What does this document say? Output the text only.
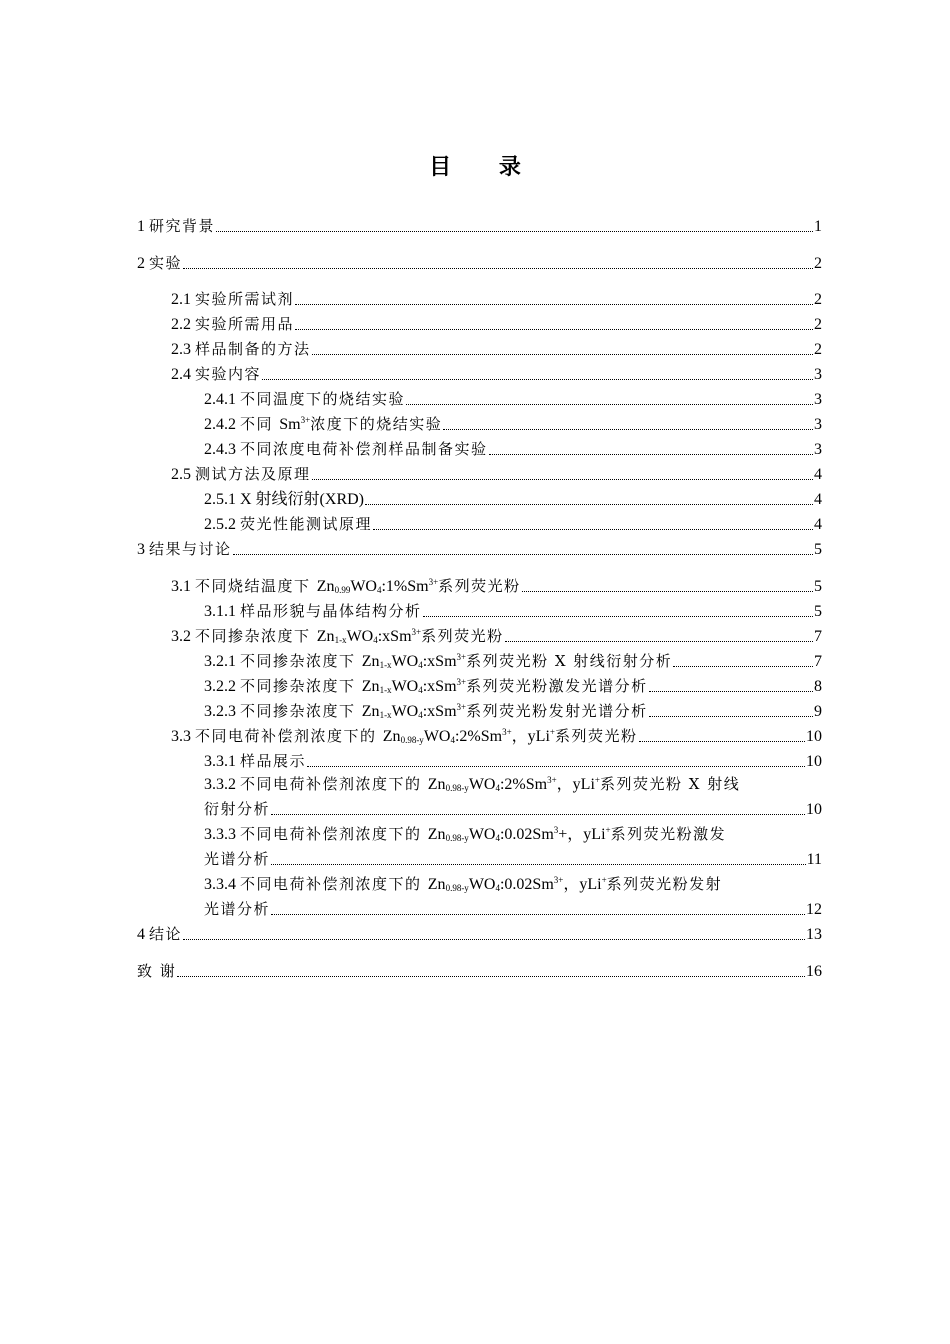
目 录
1 研究背景	1
2 实验	2
2.1 实验所需试剂	2
2.2 实验所需用品	2
2.3 样品制备的方法	2
2.4 实验内容	3
2.4.1 不同温度下的烧结实验	3
2.4.2 不同 $Sm^{3+}$浓度下的烧结实验	3
2.4.3 不同浓度电荷补偿剂样品制备实验	3
2.5 测试方法及原理	4
2.5.1 X 射线衍射(XRD)	4
2.5.2 荧光性能测试原理	4
3 结果与讨论	5
3.1 不同烧结温度下 $Zn_{0.99}WO_4:1\%Sm^{3+}$系列荧光粉	5
3.1.1 样品形貌与晶体结构分析	5
3.2 不同掺杂浓度下 $Zn_{1-x}WO_4:xSm^{3+}$系列荧光粉	7
3.2.1 不同掺杂浓度下 $Zn_{1-x}WO_4:xSm^{3+}$系列荧光粉 X 射线衍射分析	7
3.2.2 不同掺杂浓度下 $Zn_{1-x}WO_4:xSm^{3+}$系列荧光粉激发光谱分析	8
3.2.3 不同掺杂浓度下 $Zn_{1-x}WO_4:xSm^{3+}$系列荧光粉发射光谱分析	9
3.3 不同电荷补偿剂浓度下的 $Zn_{0.98-y}WO_4:2\%Sm^{3+}$，yLi+系列荧光粉	10
3.3.1 样品展示	10
3.3.2 不同电荷补偿剂浓度下的 $Zn_{0.98-y}WO_4:2\%Sm^{3+}$，yLi+系列荧光粉 X 射线
衍射分析	10
3.3.3 不同电荷补偿剂浓度下的 $Zn_{0.98-y}WO_4:0.02Sm^3+$，yLi+系列荧光粉激发
光谱分析	11
3.3.4 不同电荷补偿剂浓度下的 $Zn_{0.98-y}WO_4:0.02Sm^{3+}$，yLi+系列荧光粉发射
光谱分析	12
4 结论	13
致 谢	16
